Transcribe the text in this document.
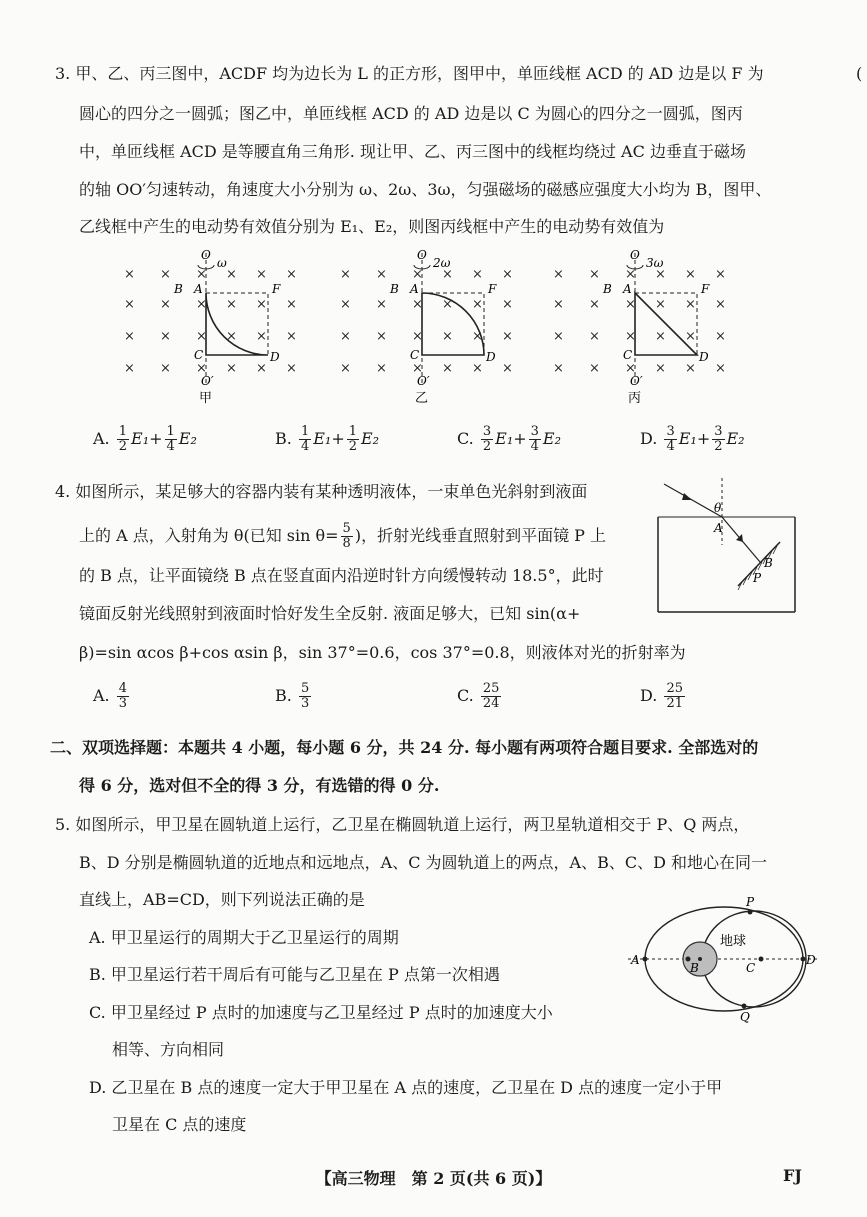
3. 甲、乙、丙三图中，ACDF 均为边长为 L 的正方形，图甲中，单匝线框 ACD 的 AD 边是以 F 为
圆心的四分之一圆弧；图乙中，单匝线框 ACD 的 AD 边是以 C 为圆心的四分之一圆弧，图丙
中，单匝线框 ACD 是等腰直角三角形. 现让甲、乙、丙三图中的线框均绕过 AC 边垂直于磁场
的轴 OO′匀速转动，角速度大小分别为 ω、2ω、3ω，匀强磁场的磁感应强度大小均为 B，图甲、
乙线框中产生的电动势有效值分别为 E₁、E₂，则图丙线框中产生的电动势有效值为
(
× × × × × ×
× × × × × ×
× × × × × ×
× × × × × ×
O
ω
B A	F
C	D
O′
甲
× × × × × ×
× × × × × ×
× × × × × ×
× × × × × ×
O
2ω
B A	F
C	D
O′
乙
× × × × × ×
× × × × × ×
× × × × × ×
× × × × × ×
O
3ω
B A	F
C	D
O′
丙
A. $\frac{1}{2} E_1+ \frac{1}{4} E_2$	B. $\frac{1}{4} E_1+ \frac{1}{2} E_2$	C. $\frac{3}{2} E_1+ \frac{3}{4} E_2$	D. $\frac{3}{4} E_1+ \frac{3}{2} E_2$
4. 如图所示，某足够大的容器内装有某种透明液体，一束单色光斜射到液面
上的 A 点，入射角为 θ(已知 $\sin \theta= \frac{5}{8}$ )，折射光线垂直照射到平面镜 P 上
的 B 点，让平面镜绕 B 点在竖直面内沿逆时针方向缓慢转动 18.5°，此时
镜面反射光线照射到液面时恰好发生全反射. 液面足够大，已知 sin(α+
β)=sin αcos β+cos αsin β，sin 37°=0.6，cos 37°=0.8，则液体对光的折射率为
θ
A
B
P
A. $\frac{4}{3}$	B. $\frac{5}{3}$	C. $\frac{25}{24}$	D. $\frac{25}{21}$
二、双项选择题：本题共 4 小题，每小题 6 分，共 24 分. 每小题有两项符合题目要求. 全部选对的
得 6 分，选对但不全的得 3 分，有选错的得 0 分.
5. 如图所示，甲卫星在圆轨道上运行，乙卫星在椭圆轨道上运行，两卫星轨道相交于 P、Q 两点，
B、D 分别是椭圆轨道的近地点和远地点，A、C 为圆轨道上的两点，A、B、C、D 和地心在同一
直线上，AB=CD，则下列说法正确的是
A. 甲卫星运行的周期大于乙卫星运行的周期
B. 甲卫星运行若干周后有可能与乙卫星在 P 点第一次相遇
C. 甲卫星经过 P 点时的加速度与乙卫星经过 P 点时的加速度大小
相等、方向相同
D. 乙卫星在 B 点的速度一定大于甲卫星在 A 点的速度，乙卫星在 D 点的速度一定小于甲
卫星在 C 点的速度
地球
A
B	C
D
P
Q
【高三物理　第 2 页(共 6 页)】	FJ
